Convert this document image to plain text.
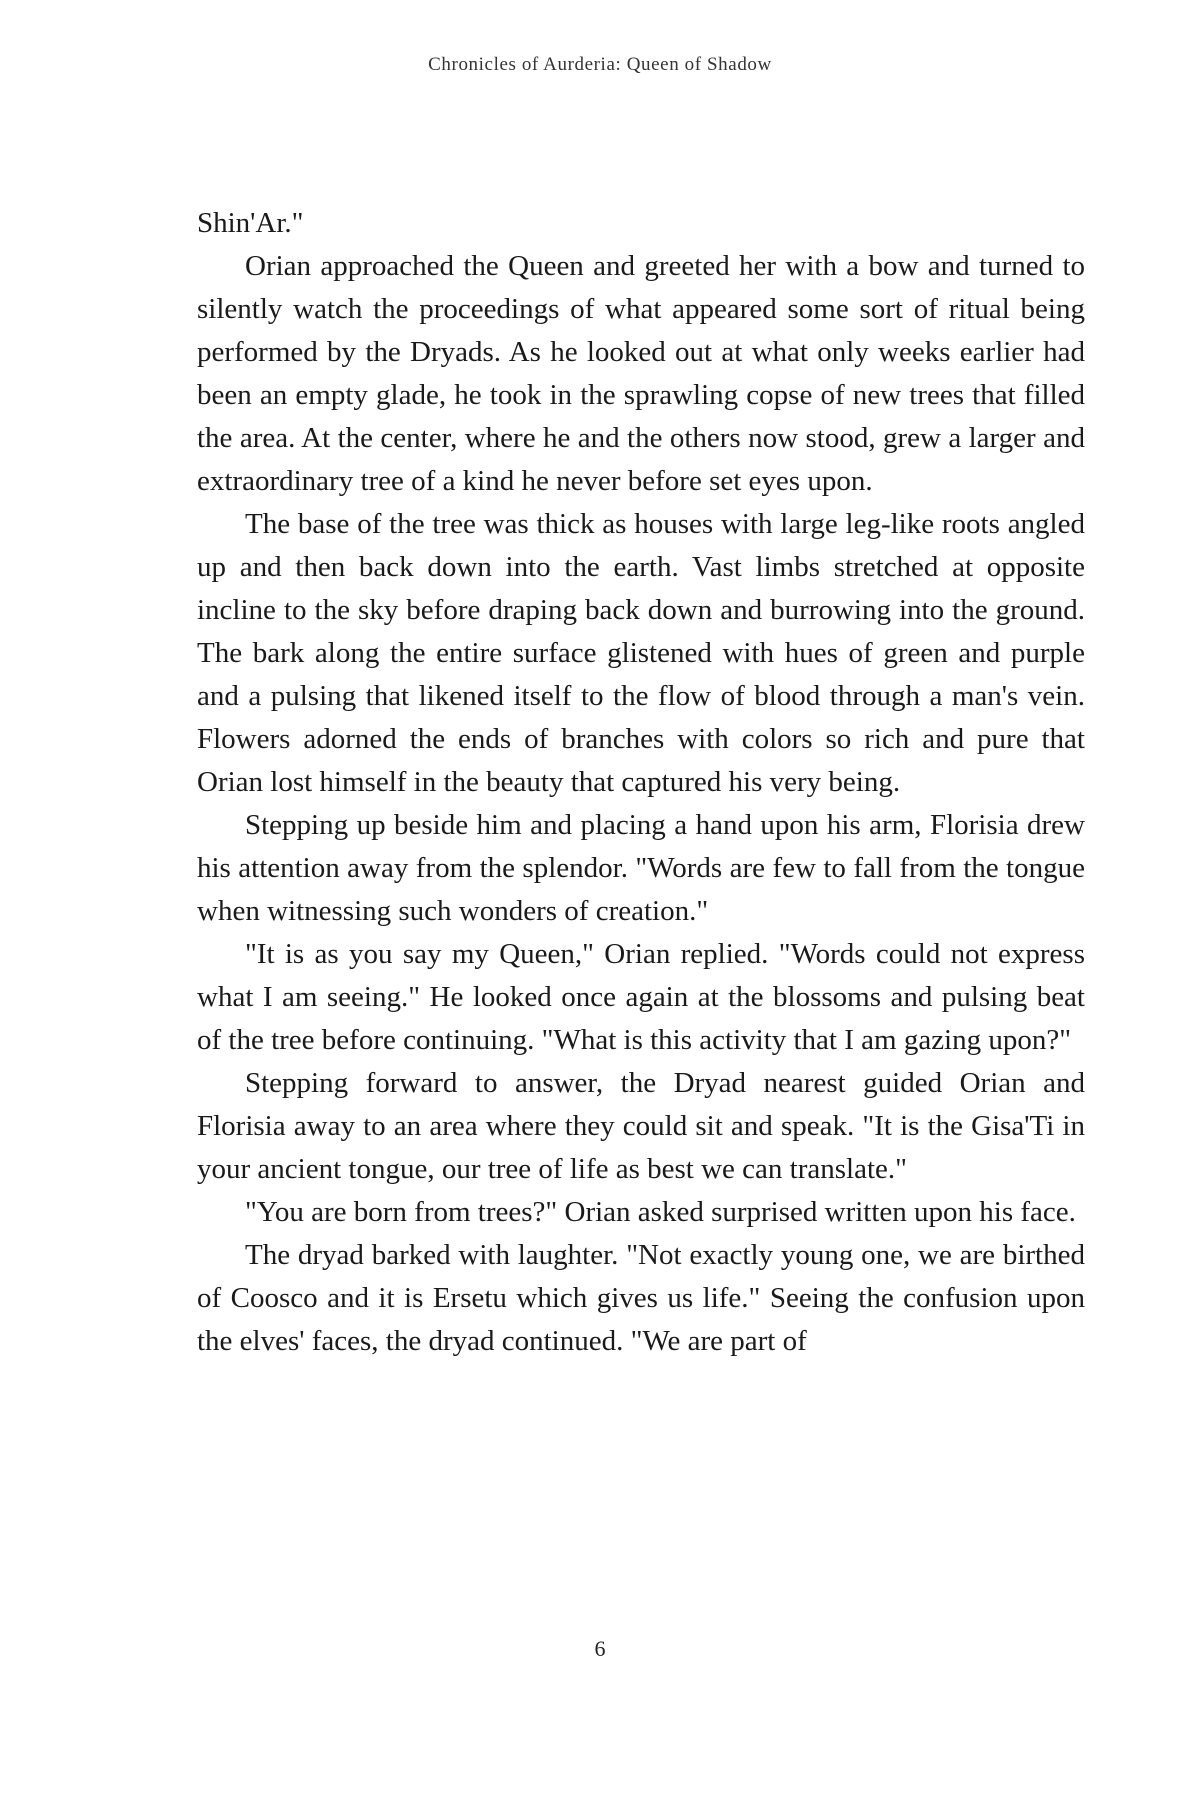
Chronicles of Aurderia: Queen of Shadow

Shin'Ar."

Orian approached the Queen and greeted her with a bow and turned to silently watch the proceedings of what appeared some sort of ritual being performed by the Dryads. As he looked out at what only weeks earlier had been an empty glade, he took in the sprawling copse of new trees that filled the area. At the center, where he and the others now stood, grew a larger and extraordinary tree of a kind he never before set eyes upon.

The base of the tree was thick as houses with large leg-like roots angled up and then back down into the earth. Vast limbs stretched at opposite incline to the sky before draping back down and burrowing into the ground. The bark along the entire surface glistened with hues of green and purple and a pulsing that likened itself to the flow of blood through a man's vein. Flowers adorned the ends of branches with colors so rich and pure that Orian lost himself in the beauty that captured his very being.

Stepping up beside him and placing a hand upon his arm, Florisia drew his attention away from the splendor. "Words are few to fall from the tongue when witnessing such wonders of creation."

"It is as you say my Queen," Orian replied. "Words could not express what I am seeing." He looked once again at the blossoms and pulsing beat of the tree before continuing. "What is this activity that I am gazing upon?"

Stepping forward to answer, the Dryad nearest guided Orian and Florisia away to an area where they could sit and speak. "It is the Gisa'Ti in your ancient tongue, our tree of life as best we can translate."

"You are born from trees?" Orian asked surprised written upon his face.

The dryad barked with laughter. "Not exactly young one, we are birthed of Coosco and it is Ersetu which gives us life." Seeing the confusion upon the elves' faces, the dryad continued. "We are part of

6
